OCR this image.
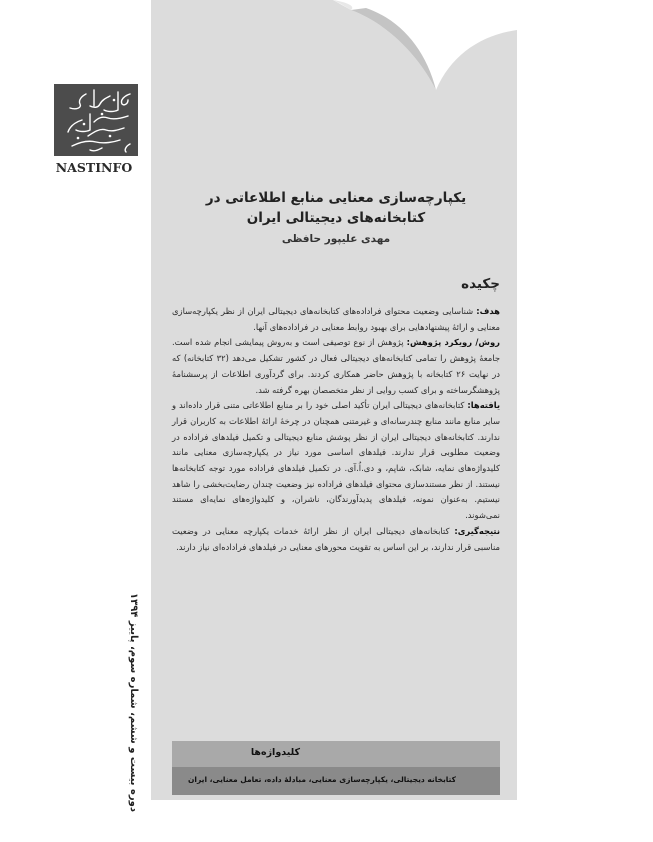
NASTINFO
دوره بیست و ششم، شماره سوم، پاییز ۱۳۹۴
یکپارچه‌سازی معنایی منابع اطلاعاتی در کتابخانه‌های دیجیتالی ایران
مهدی علیپور حافظی
چکیده

هدف: شناسایی وضعیت محتوای فراداده‌های کتابخانه‌های دیجیتالی ایران از نظر یکپارچه‌سازی معنایی و ارائهٔ پیشنهادهایی برای بهبود روابط معنایی در فراداده‌های آنها.

روش/ رویکرد پژوهش: پژوهش از نوع توصیفی است و به‌روش پیمایشی انجام شده است. جامعهٔ پژوهش را تمامی کتابخانه‌های دیجیتالی فعال در کشور تشکیل می‌دهد (۳۲ کتابخانه) که در نهایت ۲۶ کتابخانه با پژوهش حاضر همکاری کردند. برای گردآوری اطلاعات از پرسشنامهٔ پژوهشگرساخته و برای کسب روایی از نظر متخصصان بهره گرفته شد.

یافته‌ها: کتابخانه‌های دیجیتالی ایران تأکید اصلی خود را بر منابع اطلاعاتی متنی قرار داده‌اند و سایر منابع مانند منابع چندرسانه‌ای و غیرمتنی همچنان در چرخهٔ ارائهٔ اطلاعات به کاربران قرار ندارند. کتابخانه‌های دیجیتالی ایران از نظر پوشش منابع دیجیتالی و تکمیل فیلدهای فراداده در وضعیت مطلوبی قرار ندارند. فیلدهای اساسی مورد نیاز در یکپارچه‌سازی معنایی مانند کلیدواژه‌های نمایه، شابک، شاپم، و دی.اُ.آی. در تکمیل فیلدهای فراداده مورد توجه کتابخانه‌ها نیستند. از نظر مستندسازی محتوای فیلدهای فراداده نیز وضعیت چندان رضایت‌بخشی را شاهد نیستیم. به‌عنوان نمونه، فیلدهای پدیدآورندگان، ناشران، و کلیدواژه‌های نمایه‌ای مستند نمی‌شوند.

نتیجه‌گیری: کتابخانه‌های دیجیتالی ایران از نظر ارائهٔ خدمات یکپارچه معنایی در وضعیت مناسبی قرار ندارند، بر این اساس به تقویت محورهای معنایی در فیلدهای فراداده‌ای نیاز دارند.

کلیدواژه‌ها
کتابخانه دیجیتالی، یکپارچه‌سازی معنایی، مبادلهٔ داده، تعامل معنایی، ایران
